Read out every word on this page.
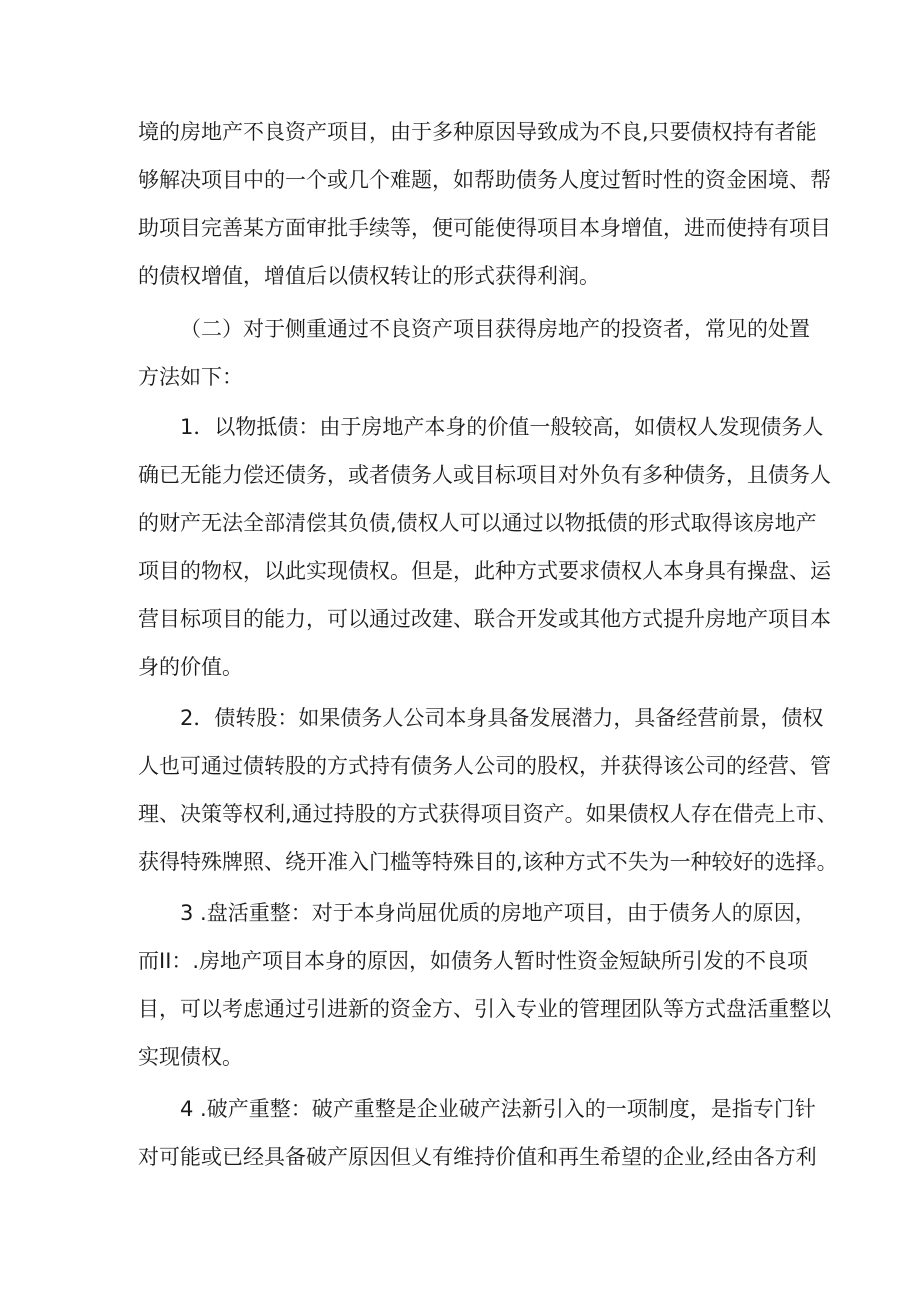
境的房地产不良资产项目，由于多种原因导致成为不良,只要债权持有者能
够解决项目中的一个或几个难题，如帮助债务人度过暂时性的资金困境、帮
助项目完善某方面审批手续等，便可能使得项目本身增值，进而使持有项目
的债权增值，增值后以债权转让的形式获得利润。
（二）对于侧重通过不良资产项目获得房地产的投资者，常见的处置
方法如下：
1．以物抵债：由于房地产本身的价值一般较高，如债权人发现债务人
确已无能力偿还债务，或者债务人或目标项目对外负有多种债务，且债务人
的财产无法全部清偿其负债,债权人可以通过以物抵债的形式取得该房地产
项目的物权，以此实现债权。但是，此种方式要求债权人本身具有操盘、运
营目标项目的能力，可以通过改建、联合开发或其他方式提升房地产项目本
身的价值。
2．债转股：如果债务人公司本身具备发展潜力，具备经营前景，债权
人也可通过债转股的方式持有债务人公司的股权，并获得该公司的经营、管
理、决策等权利,通过持股的方式获得项目资产。如果债权人存在借壳上市、
获得特殊牌照、绕开准入门槛等特殊目的,该种方式不失为一种较好的选择。
3 .盘活重整：对于本身尚屈优质的房地产项目，由于债务人的原因，
而II：.房地产项目本身的原因，如债务人暂时性资金短缺所引发的不良项
目，可以考虑通过引进新的资金方、引入专业的管理团队等方式盘活重整以
实现债权。
4 .破产重整：破产重整是企业破产法新引入的一项制度，是指专门针
对可能或已经具备破产原因但乂有维持价值和再生希望的企业,经由各方利
